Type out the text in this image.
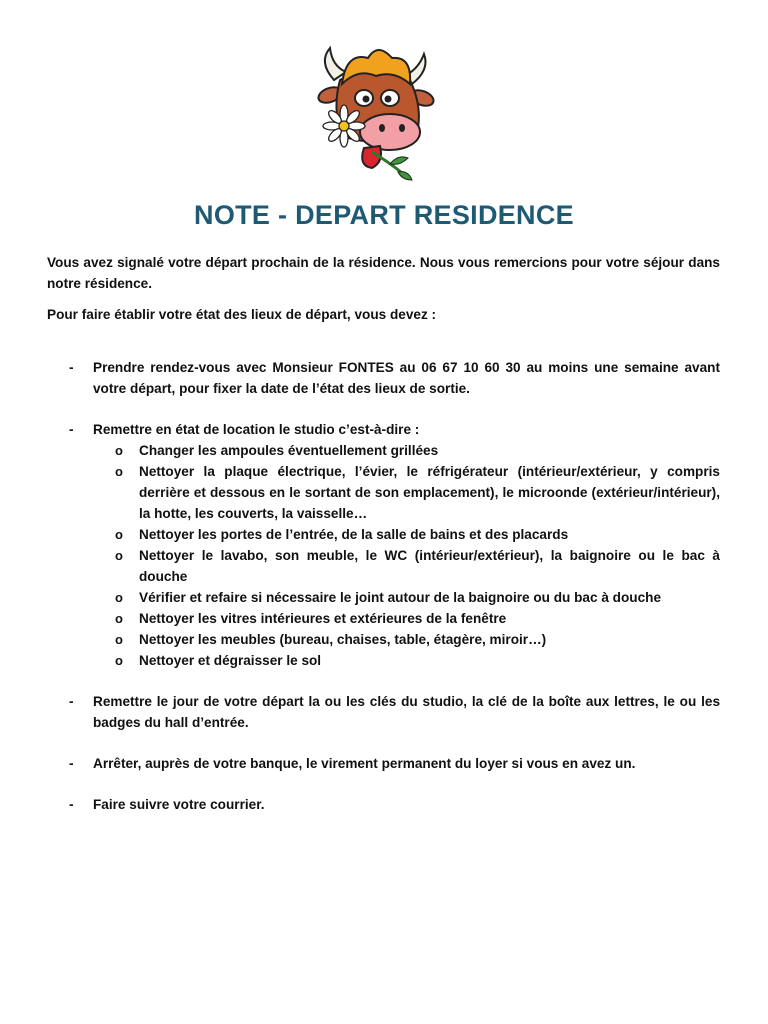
NOTE - DEPART RESIDENCE
Vous avez signalé votre départ prochain de la résidence. Nous vous remercions pour votre séjour dans notre résidence.
Pour faire établir votre état des lieux de départ, vous devez :
- Prendre rendez-vous avec Monsieur FONTES au 06 67 10 60 30 au moins une semaine avant votre départ, pour fixer la date de l’état des lieux de sortie.
- Remettre en état de location le studio c’est-à-dire :
o Changer les ampoules éventuellement grillées
o Nettoyer la plaque électrique, l’évier, le réfrigérateur (intérieur/extérieur, y compris derrière et dessous en le sortant de son emplacement), le microonde (extérieur/intérieur), la hotte, les couverts, la vaisselle…
o Nettoyer les portes de l’entrée, de la salle de bains et des placards
o Nettoyer le lavabo, son meuble, le WC (intérieur/extérieur), la baignoire ou le bac à douche
o Vérifier et refaire si nécessaire le joint autour de la baignoire ou du bac à douche
o Nettoyer les vitres intérieures et extérieures de la fenêtre
o Nettoyer les meubles (bureau, chaises, table, étagère, miroir…)
o Nettoyer et dégraisser le sol
- Remettre le jour de votre départ la ou les clés du studio, la clé de la boîte aux lettres, le ou les badges du hall d’entrée.
- Arrêter, auprès de votre banque, le virement permanent du loyer si vous en avez un.
- Faire suivre votre courrier.
